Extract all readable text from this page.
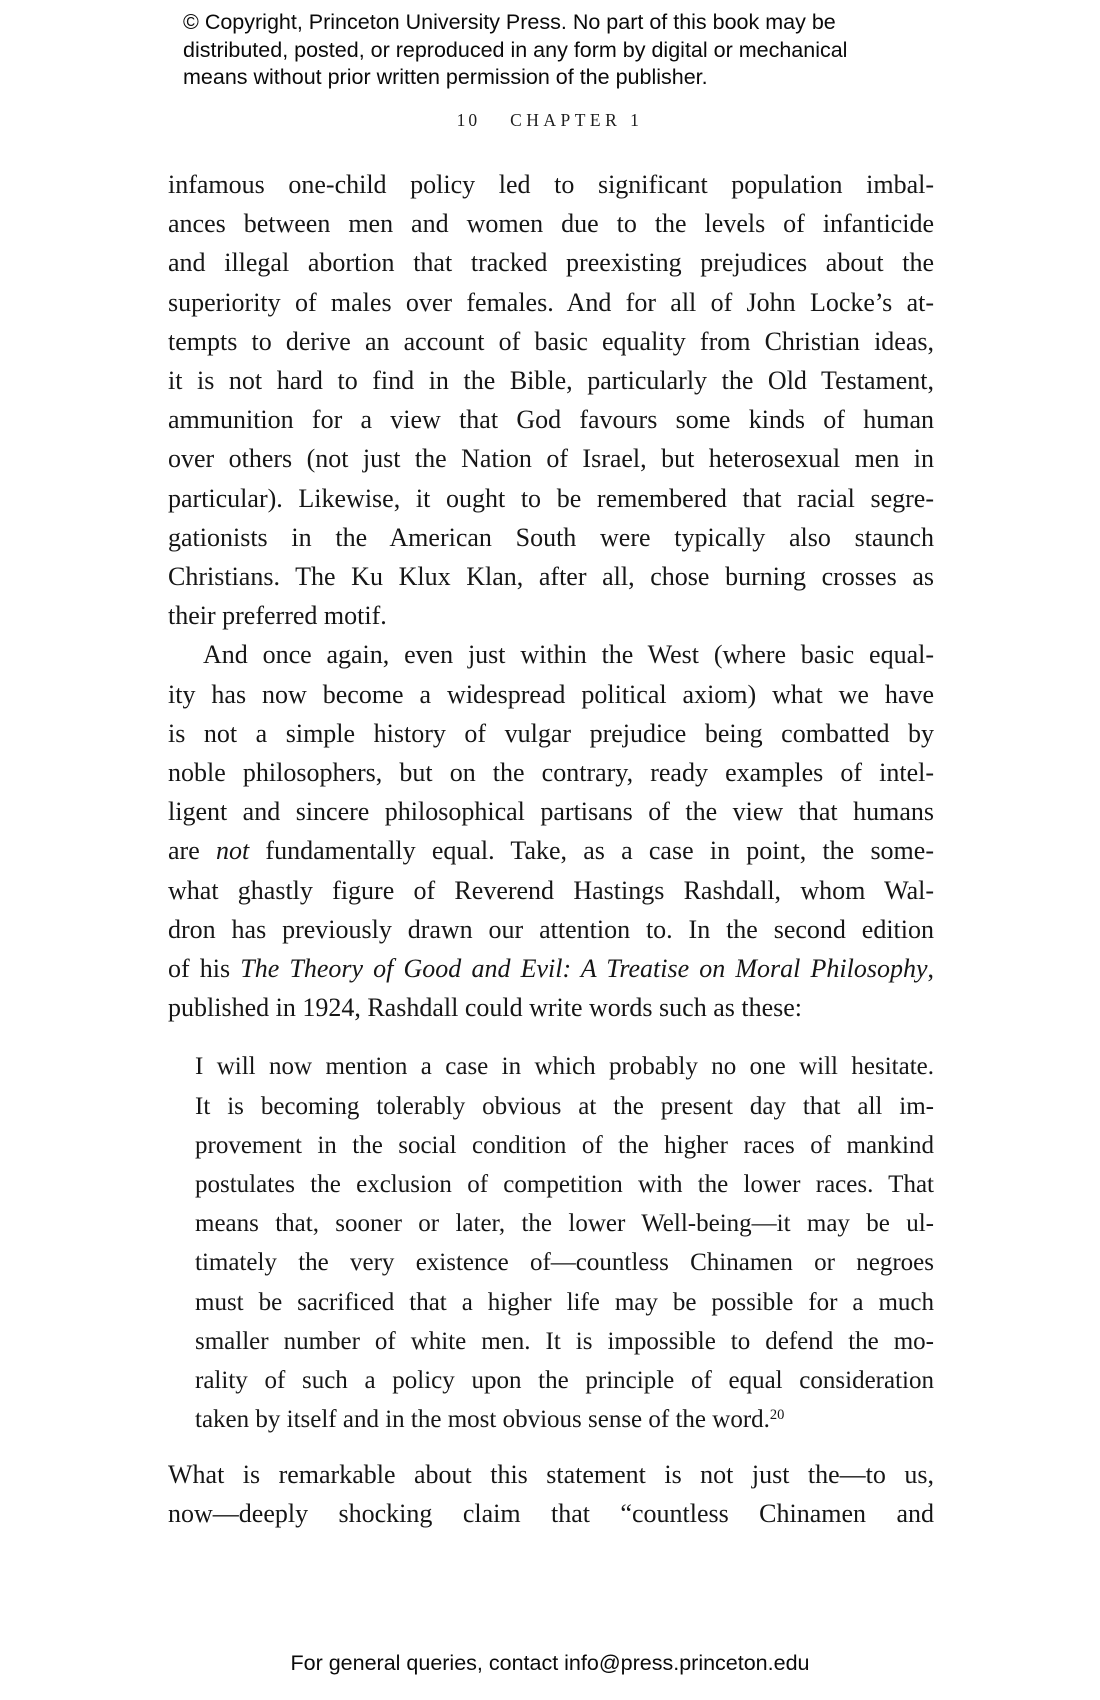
© Copyright, Princeton University Press. No part of this book may be
distributed, posted, or reproduced in any form by digital or mechanical
means without prior written permission of the publisher.
10 CHAPTER 1
infamous one-child policy led to significant population imbal-
ances between men and women due to the levels of infanticide
and illegal abortion that tracked preexisting prejudices about the
superiority of males over females. And for all of John Locke’s at-
tempts to derive an account of basic equality from Christian ideas,
it is not hard to find in the Bible, particularly the Old Testament,
ammunition for a view that God favours some kinds of human
over others (not just the Nation of Israel, but heterosexual men in
particular). Likewise, it ought to be remembered that racial segre-
gationists in the American South were typically also staunch
Christians. The Ku Klux Klan, after all, chose burning crosses as
their preferred motif.
And once again, even just within the West (where basic equal-
ity has now become a widespread political axiom) what we have
is not a simple history of vulgar prejudice being combatted by
noble philosophers, but on the contrary, ready examples of intel-
ligent and sincere philosophical partisans of the view that humans
are not fundamentally equal. Take, as a case in point, the some-
what ghastly figure of Reverend Hastings Rashdall, whom Wal-
dron has previously drawn our attention to. In the second edition
of his The Theory of Good and Evil: A Treatise on Moral Philosophy,
published in 1924, Rashdall could write words such as these:
I will now mention a case in which probably no one will hesitate.
It is becoming tolerably obvious at the present day that all im-
provement in the social condition of the higher races of mankind
postulates the exclusion of competition with the lower races. That
means that, sooner or later, the lower Well-being—it may be ul-
timately the very existence of—countless Chinamen or negroes
must be sacrificed that a higher life may be possible for a much
smaller number of white men. It is impossible to defend the mo-
rality of such a policy upon the principle of equal consideration
taken by itself and in the most obvious sense of the word.$^{20}$
What is remarkable about this statement is not just the—to us,
now—deeply shocking claim that “countless Chinamen and
For general queries, contact info@press.princeton.edu
